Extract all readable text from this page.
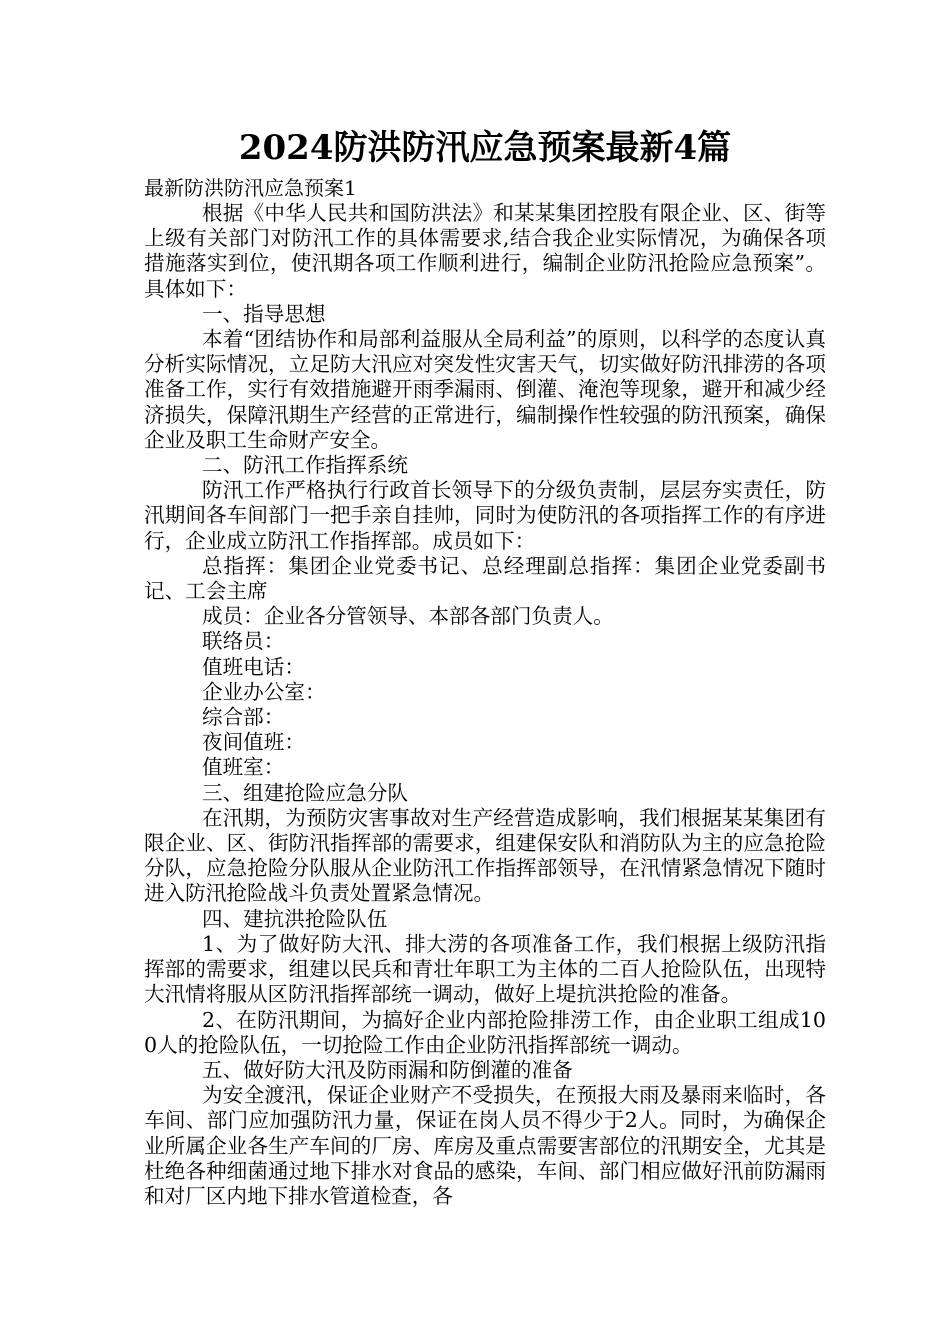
2024防洪防汛应急预案最新4篇

最新防洪防汛应急预案1

根据《中华人民共和国防洪法》和某某集团控股有限企业、区、街等上级有关部门对防汛工作的具体需要求,结合我企业实际情况，为确保各项措施落实到位，使汛期各项工作顺利进行，编制企业防汛抢险应急预案”。具体如下：

一、指导思想

本着“团结协作和局部利益服从全局利益”的原则，以科学的态度认真分析实际情况，立足防大汛应对突发性灾害天气，切实做好防汛排涝的各项准备工作，实行有效措施避开雨季漏雨、倒灌、淹泡等现象，避开和减少经济损失，保障汛期生产经营的正常进行，编制操作性较强的防汛预案，确保企业及职工生命财产安全。

二、防汛工作指挥系统

防汛工作严格执行行政首长领导下的分级负责制，层层夯实责任，防汛期间各车间部门一把手亲自挂帅，同时为使防汛的各项指挥工作的有序进行，企业成立防汛工作指挥部。成员如下：

总指挥：集团企业党委书记、总经理副总指挥：集团企业党委副书记、工会主席

成员：企业各分管领导、本部各部门负责人。

联络员：

值班电话：

企业办公室：

综合部：

夜间值班：

值班室：

三、组建抢险应急分队

在汛期，为预防灾害事故对生产经营造成影响，我们根据某某集团有限企业、区、街防汛指挥部的需要求，组建保安队和消防队为主的应急抢险分队，应急抢险分队服从企业防汛工作指挥部领导，在汛情紧急情况下随时进入防汛抢险战斗负责处置紧急情况。

四、建抗洪抢险队伍

1、为了做好防大汛、排大涝的各项准备工作，我们根据上级防汛指挥部的需要求，组建以民兵和青壮年职工为主体的二百人抢险队伍，出现特大汛情将服从区防汛指挥部统一调动，做好上堤抗洪抢险的准备。

2、在防汛期间，为搞好企业内部抢险排涝工作，由企业职工组成100人的抢险队伍，一切抢险工作由企业防汛指挥部统一调动。

五、做好防大汛及防雨漏和防倒灌的准备

为安全渡汛，保证企业财产不受损失，在预报大雨及暴雨来临时，各车间、部门应加强防汛力量，保证在岗人员不得少于2人。同时，为确保企业所属企业各生产车间的厂房、库房及重点需要害部位的汛期安全，尤其是杜绝各种细菌通过地下排水对食品的感染，车间、部门相应做好汛前防漏雨和对厂区内地下排水管道检查，各
